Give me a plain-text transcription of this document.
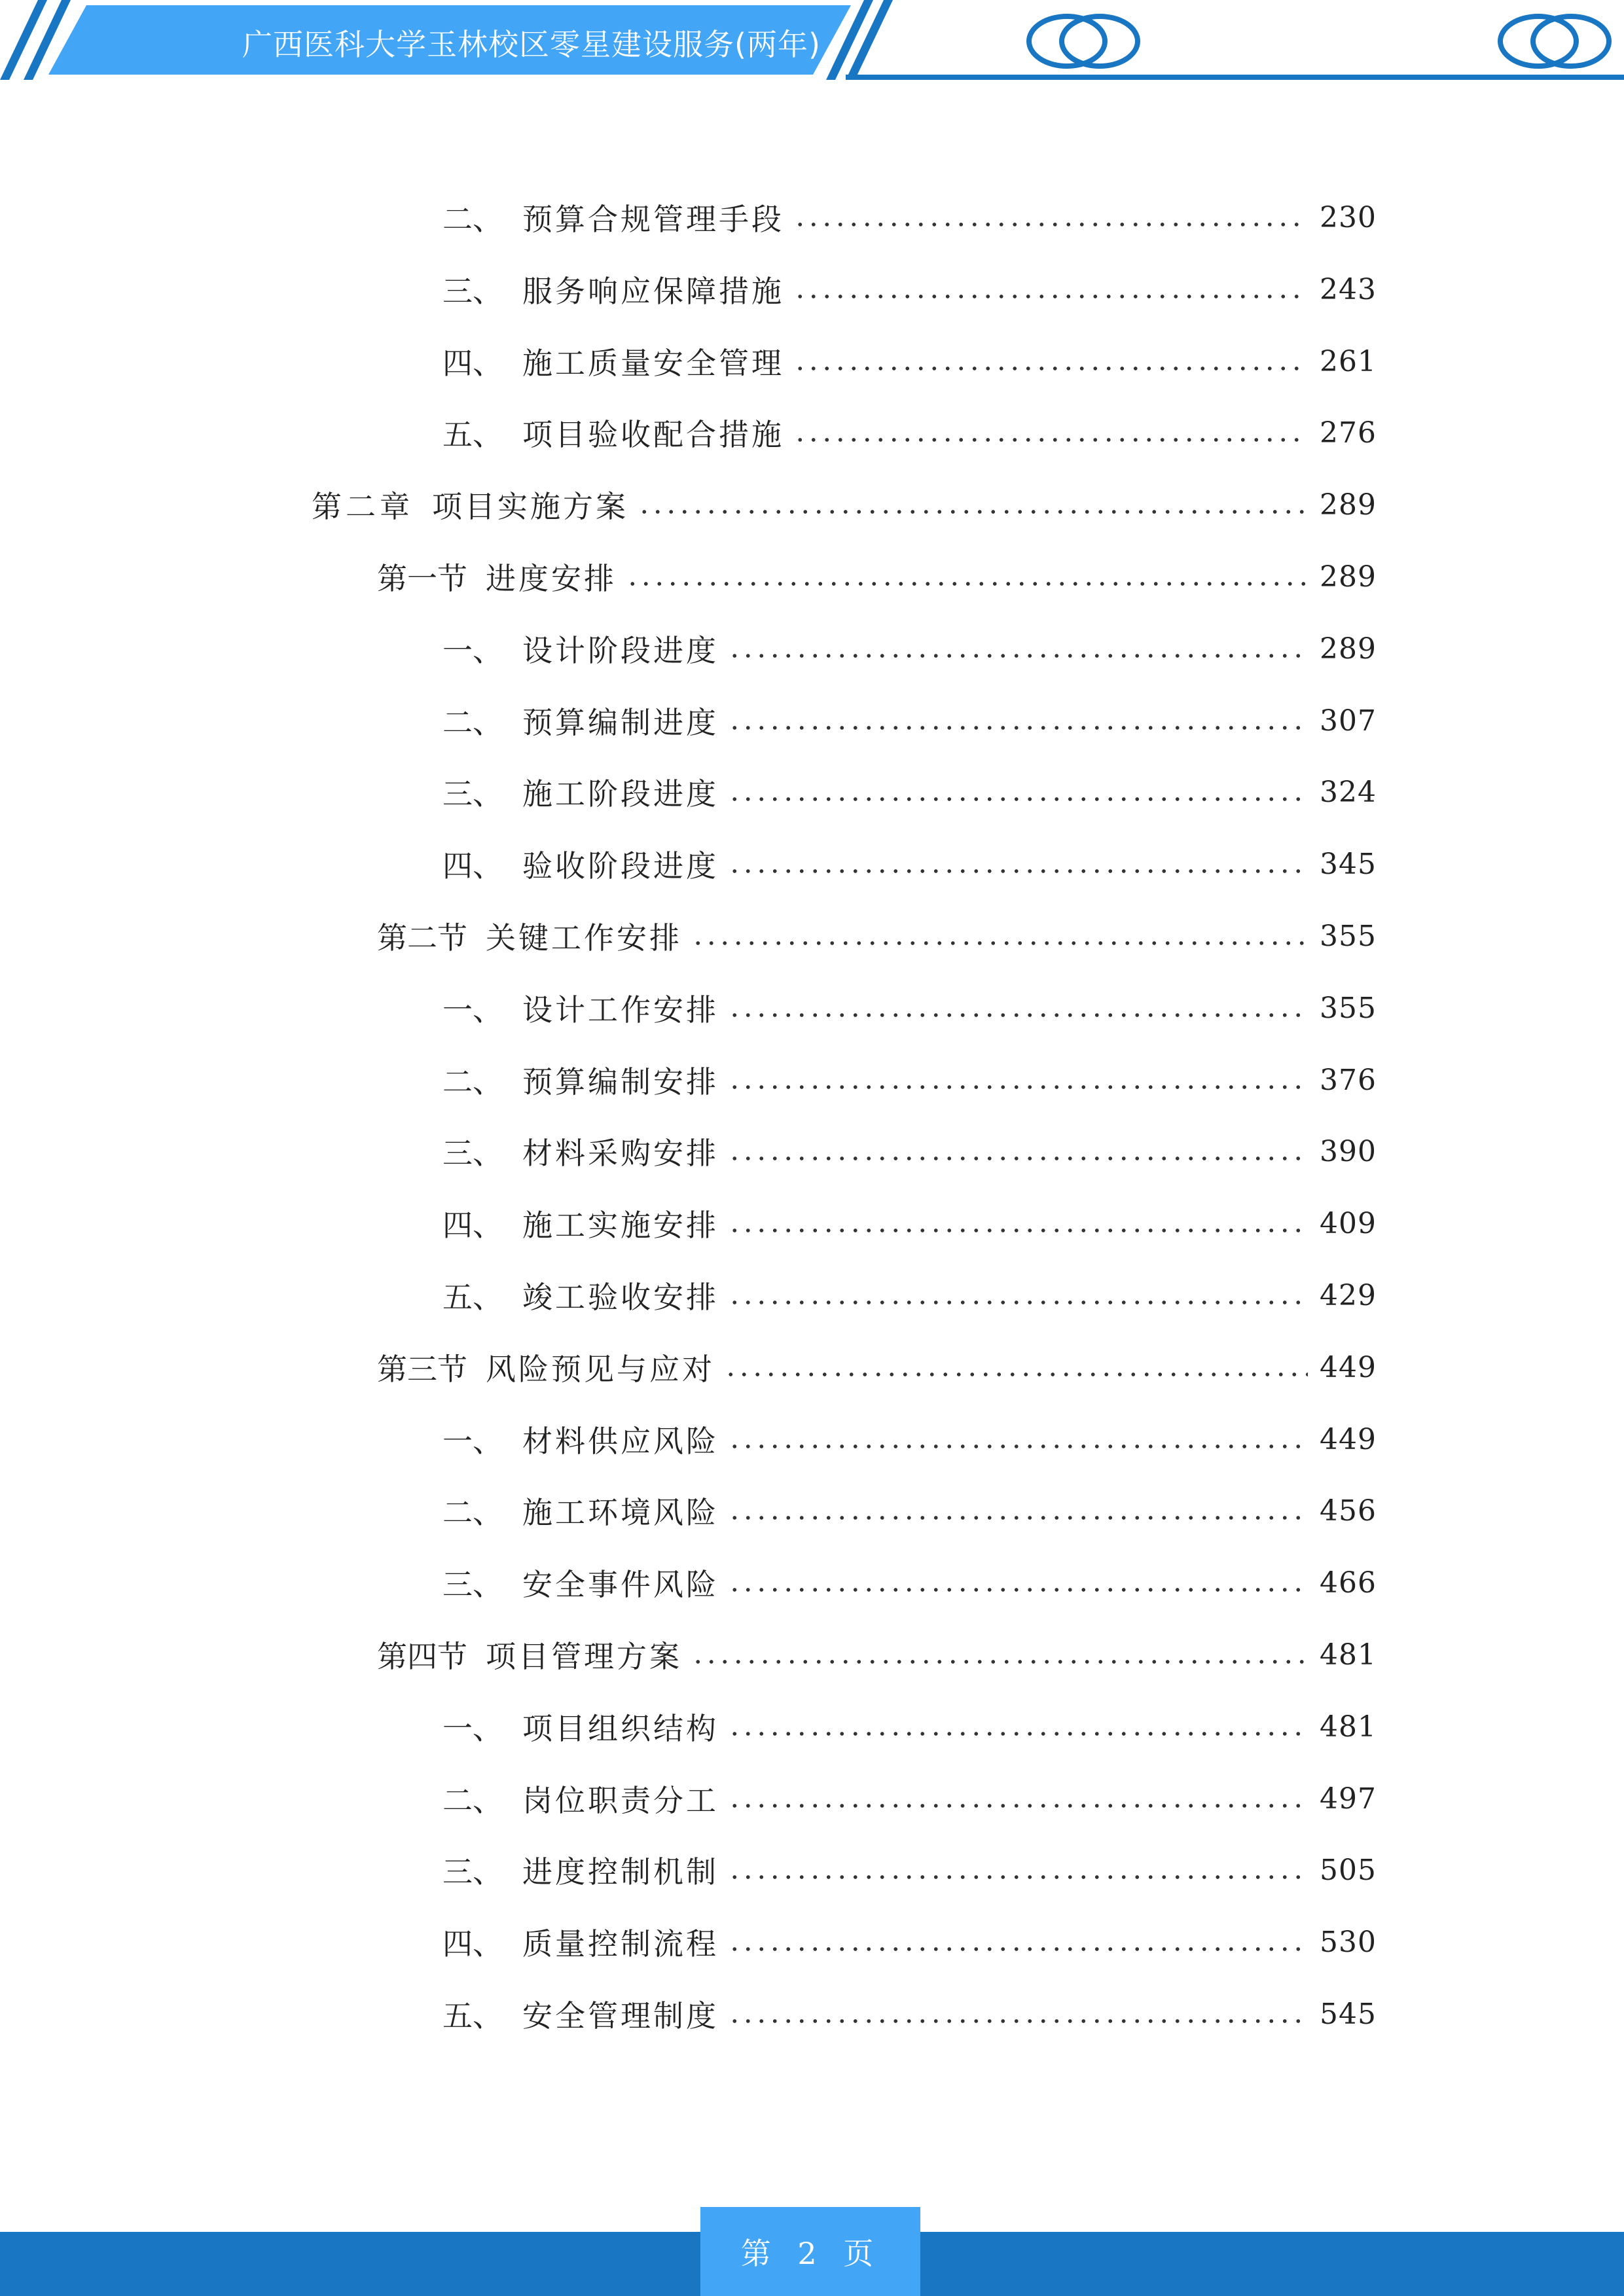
广西医科大学玉林校区零星建设服务(两年)
二、 预算合规管理手段	230
三、 服务响应保障措施	243
四、 施工质量安全管理	261
五、 项目验收配合措施	276
第二章 项目实施方案	289
第一节 进度安排	289
一、 设计阶段进度	289
二、 预算编制进度	307
三、 施工阶段进度	324
四、 验收阶段进度	345
第二节 关键工作安排	355
一、 设计工作安排	355
二、 预算编制安排	376
三、 材料采购安排	390
四、 施工实施安排	409
五、 竣工验收安排	429
第三节 风险预见与应对	449
一、 材料供应风险	449
二、 施工环境风险	456
三、 安全事件风险	466
第四节 项目管理方案	481
一、 项目组织结构	481
二、 岗位职责分工	497
三、 进度控制机制	505
四、 质量控制流程	530
五、 安全管理制度	545
第 2 页
